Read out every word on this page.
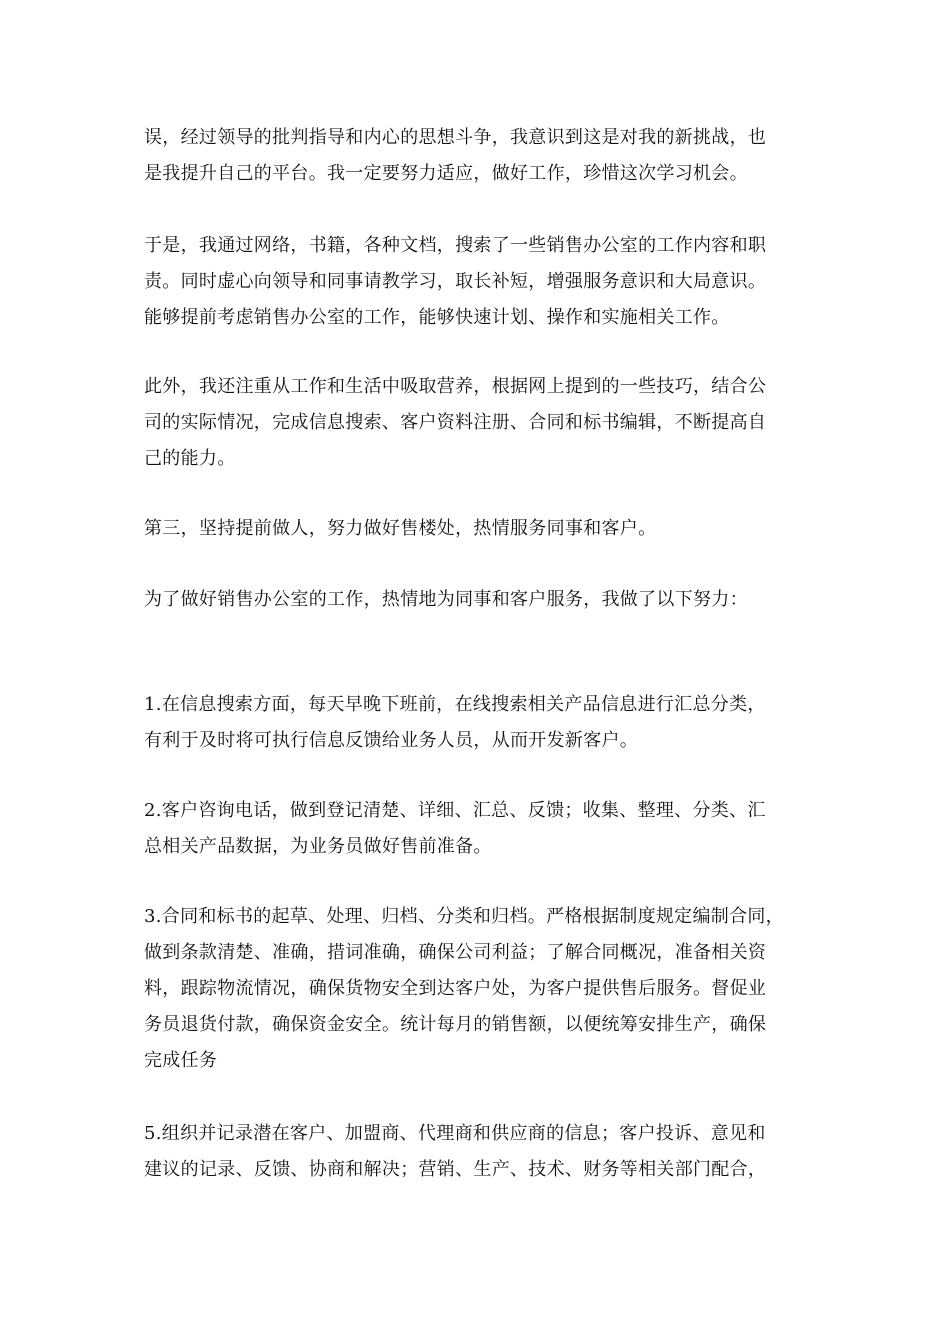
误，经过领导的批判指导和内心的思想斗争，我意识到这是对我的新挑战，也
是我提升自己的平台。我一定要努力适应，做好工作，珍惜这次学习机会。
于是，我通过网络，书籍，各种文档，搜索了一些销售办公室的工作内容和职
责。同时虚心向领导和同事请教学习，取长补短，增强服务意识和大局意识。
能够提前考虑销售办公室的工作，能够快速计划、操作和实施相关工作。
此外，我还注重从工作和生活中吸取营养，根据网上提到的一些技巧，结合公
司的实际情况，完成信息搜索、客户资料注册、合同和标书编辑，不断提高自
己的能力。
第三，坚持提前做人，努力做好售楼处，热情服务同事和客户。
为了做好销售办公室的工作，热情地为同事和客户服务，我做了以下努力：
1.在信息搜索方面，每天早晚下班前，在线搜索相关产品信息进行汇总分类，
有利于及时将可执行信息反馈给业务人员，从而开发新客户。
2.客户咨询电话，做到登记清楚、详细、汇总、反馈；收集、整理、分类、汇
总相关产品数据，为业务员做好售前准备。
3.合同和标书的起草、处理、归档、分类和归档。严格根据制度规定编制合同，
做到条款清楚、准确，措词准确，确保公司利益；了解合同概况，准备相关资
料，跟踪物流情况，确保货物安全到达客户处，为客户提供售后服务。督促业
务员退货付款，确保资金安全。统计每月的销售额，以便统筹安排生产，确保
完成任务
5.组织并记录潜在客户、加盟商、代理商和供应商的信息；客户投诉、意见和
建议的记录、反馈、协商和解决；营销、生产、技术、财务等相关部门配合，
